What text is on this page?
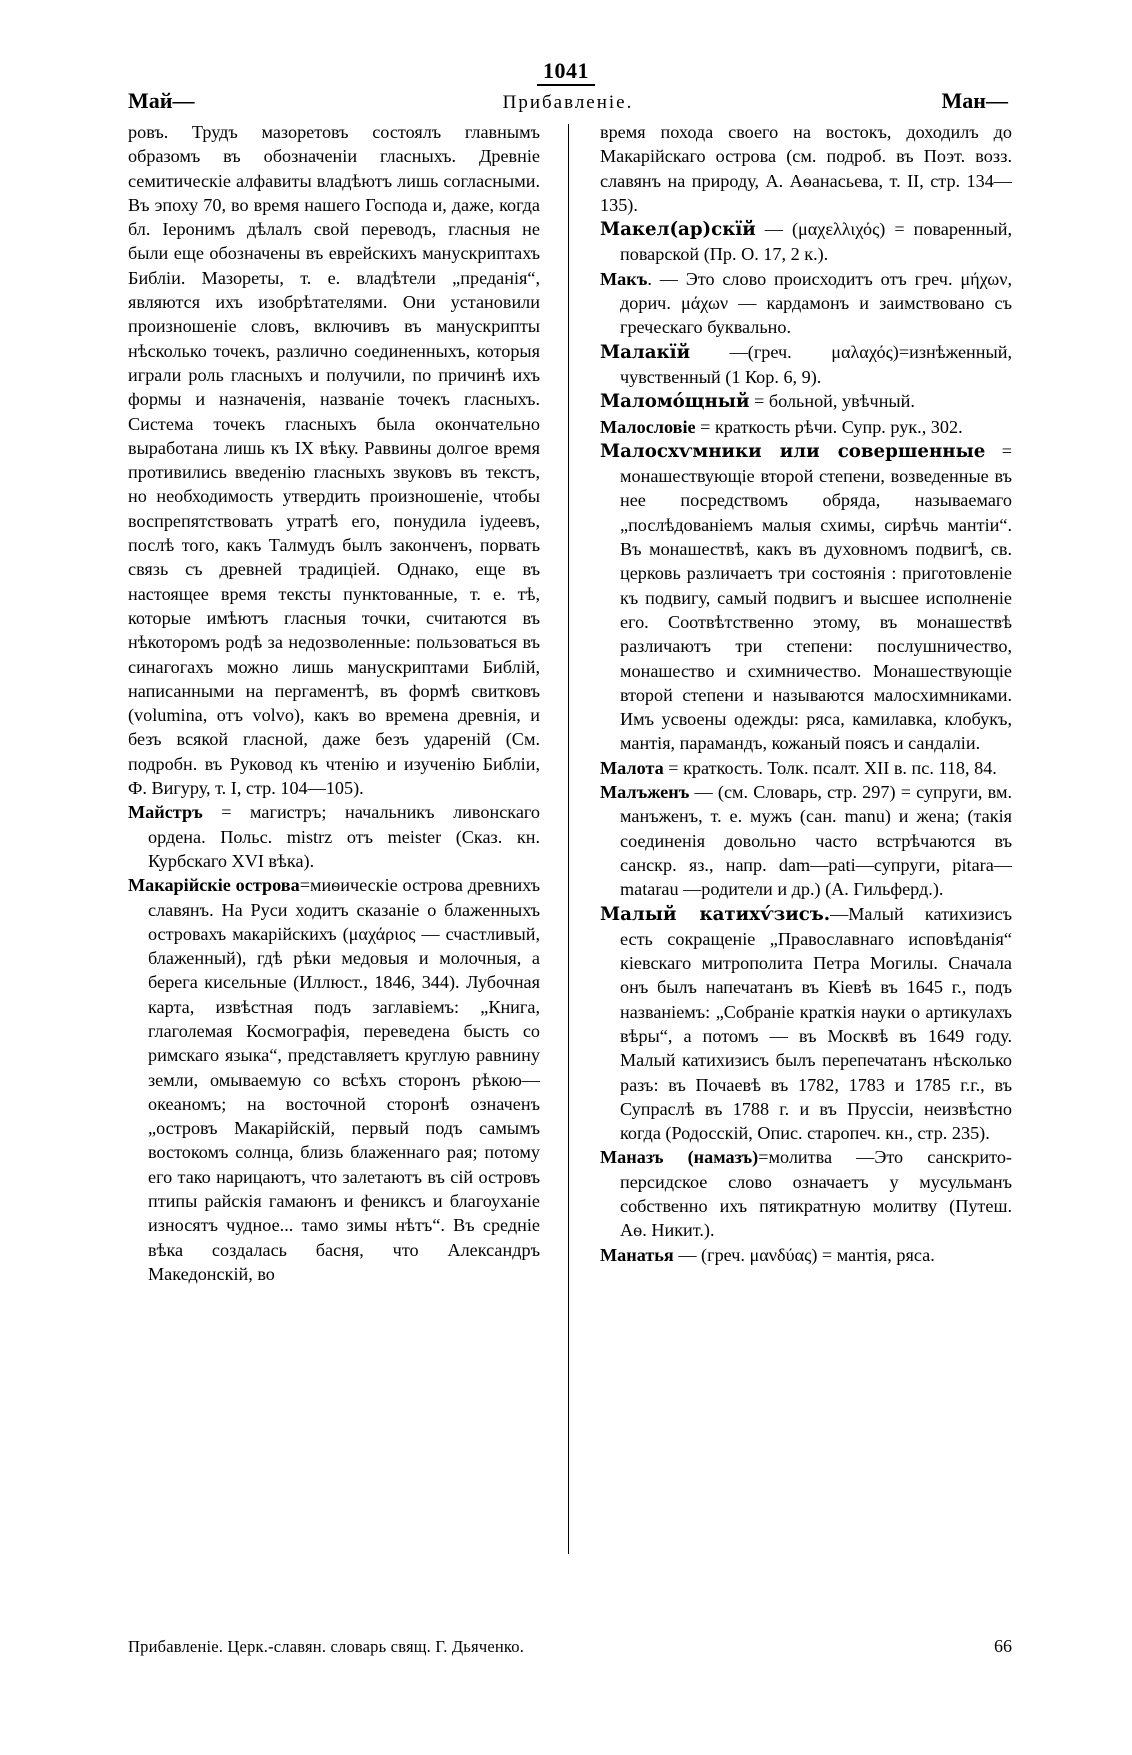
1041
Май—	Прибавленіе.	Ман—

ровъ. Трудъ мазоретовъ состоялъ главнымъ образомъ въ обозначеніи гласныхъ. Древніе семитическіе алфавиты владѣютъ лишь согласными. Въ эпоху 70, во время нашего Господа и, даже, когда бл. Іеронимъ дѣлалъ свой переводъ, гласныя не были еще обозначены въ еврейскихъ манускриптахъ Библіи. Мазореты, т. е. владѣтели „преданія“, являются ихъ изобрѣтателями. Они установили произношеніе словъ, включивъ въ манускрипты нѣсколько точекъ, различно соединенныхъ, которыя играли роль гласныхъ и получили, по причинѣ ихъ формы и назначенія, названіе точекъ гласныхъ. Система точекъ гласныхъ была окончательно выработана лишь къ IX вѣку. Раввины долгое время противились введенію гласныхъ звуковъ въ текстъ, но необходимость утвердить произношеніе, чтобы воспрепятствовать утратѣ его, понудила іудеевъ, послѣ того, какъ Талмудъ былъ законченъ, порвать связь съ древней традиціей. Однако, еще въ настоящее время тексты пунктованные, т. е. тѣ, которые имѣютъ гласныя точки, считаются въ нѣкоторомъ родѣ за недозволенные: пользоваться въ синагогахъ можно лишь манускриптами Библій, написанными на пергаментѣ, въ формѣ свитковъ (volumina, отъ volvo), какъ во времена древнія, и безъ всякой гласной, даже безъ удареній (См. подробн. въ Руковод къ чтенію и изученію Библіи, Ф. Вигуру, т. I, стр. 104—105).

Майстръ = магистръ; начальникъ ливонскаго ордена. Польс. mistrz отъ meister (Сказ. кн. Курбскаго XVI вѣка).

Макарійскіе острова=миѳическіе острова древнихъ славянъ. На Руси ходитъ сказаніе о блаженныхъ островахъ макарійскихъ (μαχάριος — счастливый, блаженный), гдѣ рѣки медовыя и молочныя, а берега кисельные (Иллюст., 1846, 344). Лубочная карта, извѣстная подъ заглавіемъ: „Книга, глаголемая Космографія, переведена бысть со римскаго языка“, представляетъ круглую равнину земли, омываемую со всѣхъ сторонъ рѣкою—океаномъ; на восточной сторонѣ означенъ „островъ Макарійскій, первый подъ самымъ востокомъ солнца, близь блаженнаго рая; потому его тако нарицаютъ, что залетаютъ въ сій островъ птипы райскія гамаюнъ и фениксъ и благоуханіе износятъ чудное... тамо зимы нѣтъ“. Въ средніе вѣка создалась басня, что Александръ Македонскій, во

время похода своего на востокъ, доходилъ до Макарійскаго острова (см. подроб. въ Поэт. возз. славянъ на природу, А. Аѳанасьева, т. II, стр. 134—135).

Макел(ар)скїй — (μαχελλιχός) = поваренный, поварской (Пр. О. 17, 2 к.).

Макъ. — Это слово происходитъ отъ греч. μήχων, дорич. μάχων — кардамонъ и заимствовано съ греческаго буквально.

Малакїй —(греч. μαλαχός)=изнѣженный, чувственный (1 Кор. 6, 9).

Маломо́щный = больной, увѣчный.

Малословіе = краткость рѣчи. Супр. рук., 302.

Малосхѵмники или совершенные = монашествующіе второй степени, возведенные въ нее посредствомъ обряда, называемаго „послѣдованіемъ малыя схимы, сирѣчь мантіи“. Въ монашествѣ, какъ въ духовномъ подвигѣ, св. церковь различаетъ три состоянія : приготовленіе къ подвигу, самый подвигъ и высшее исполненіе его. Соотвѣтственно этому, въ монашествѣ различаютъ три степени: послушничество, монашество и схимничество. Монашествующіе второй степени и называются малосхимниками. Имъ усвоены одежды: ряса, камилавка, клобукъ, мантія, парамандъ, кожаный поясъ и сандаліи.

Малота = краткость. Толк. псалт. XII в. пс. 118, 84.

Малъженъ — (см. Словарь, стр. 297) = супруги, вм. манъженъ, т. е. мужъ (сан. manu) и жена; (такія соединенія довольно часто встрѣчаются въ санскр. яз., напр. dam—pati—супруги, pitara—matarau —родители и др.) (А. Гильферд.).

Малый катихѵ́зисъ.—Малый катихизисъ есть сокращеніе „Православнаго исповѣданія“ кіевскаго митрополита Петра Могилы. Сначала онъ былъ напечатанъ въ Кіевѣ въ 1645 г., подъ названіемъ: „Собраніе краткія науки о артикулахъ вѣры“, а потомъ — въ Москвѣ въ 1649 году. Малый катихизисъ былъ перепечатанъ нѣсколько разъ: въ Почаевѣ въ 1782, 1783 и 1785 г.г., въ Супраслѣ въ 1788 г. и въ Пруссіи, неизвѣстно когда (Родосскій, Опис. старопеч. кн., стр. 235).

Маназъ (намазъ)=молитва —Это санскрито-персидское слово означаетъ у мусульманъ собственно ихъ пятикратную молитву (Путеш. Аѳ. Никит.).

Манатья — (греч. μανδύας) = мантія, ряса.

Прибавленіе. Церк.-славян. словарь свящ. Г. Дьяченко.	66
